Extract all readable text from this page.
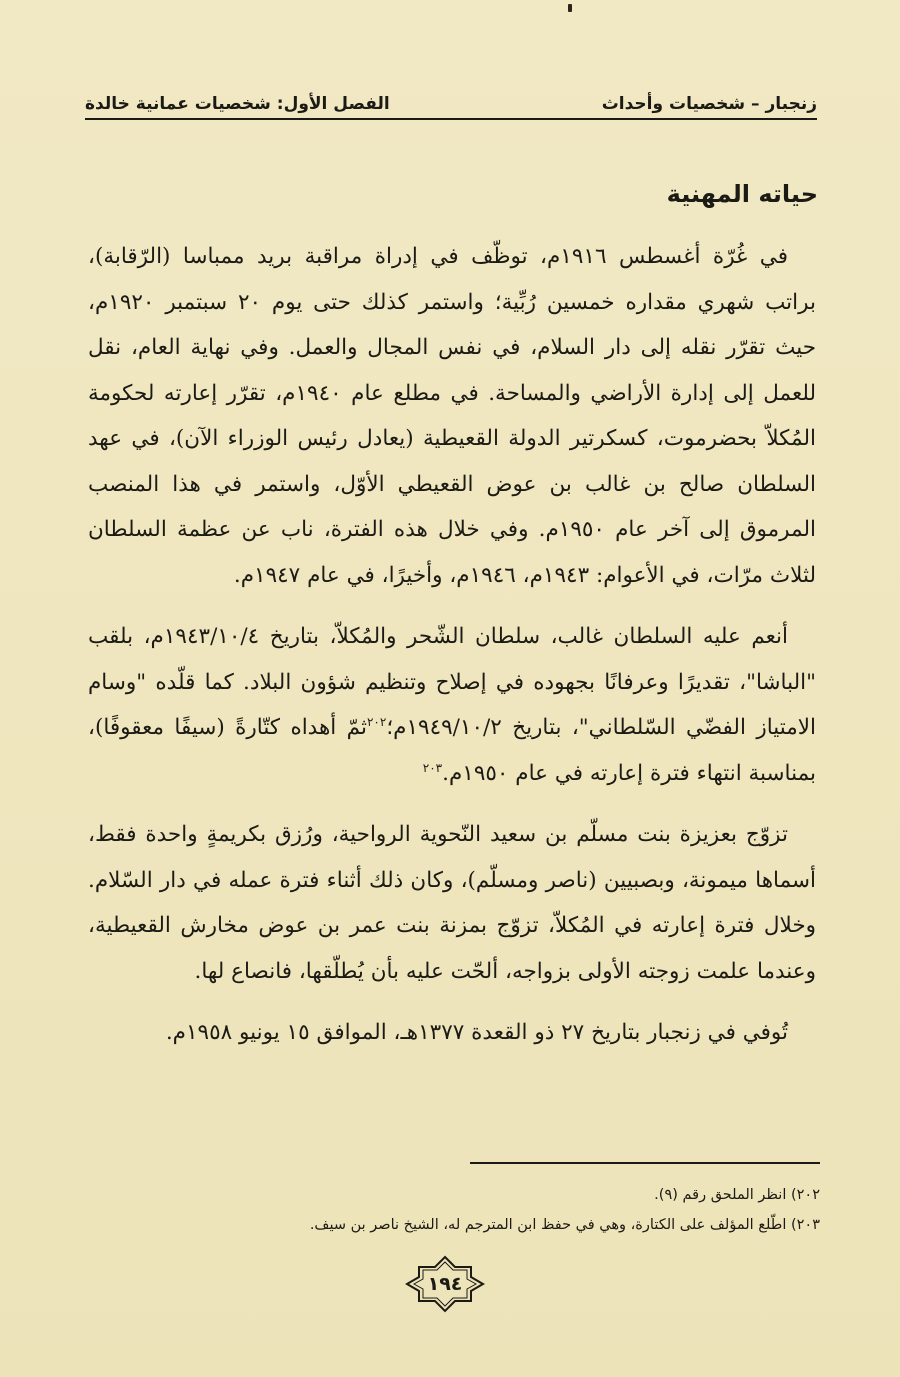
زنجبار – شخصيات وأحداث
الفصل الأول: شخصيات عمانية خالدة
حياته المهنية

في غُرّة أغسطس ١٩١٦م، توظّف في إدراة مراقبة بريد ممباسا (الرّقابة)، براتب شهري مقداره خمسين رُبِّية؛ واستمر كذلك حتى يوم ٢٠ سبتمبر ١٩٢٠م، حيث تقرّر نقله إلى دار السلام، في نفس المجال والعمل. وفي نهاية العام، نقل للعمل إلى إدارة الأراضي والمساحة. في مطلع عام ١٩٤٠م، تقرّر إعارته لحكومة المُكلاّ بحضرموت، كسكرتير الدولة القعيطية (يعادل رئيس الوزراء الآن)، في عهد السلطان صالح بن غالب بن عوض القعيطي الأوّل، واستمر في هذا المنصب المرموق إلى آخر عام ١٩٥٠م. وفي خلال هذه الفترة، ناب عن عظمة السلطان لثلاث مرّات، في الأعوام: ١٩٤٣م، ١٩٤٦م، وأخيرًا، في عام ١٩٤٧م.

أنعم عليه السلطان غالب، سلطان الشّحر والمُكلاّ، بتاريخ ١٩٤٣/١٠/٤م، بلقب "الباشا"، تقديرًا وعرفانًا بجهوده في إصلاح وتنظيم شؤون البلاد. كما قلّده "وسام الامتياز الفضّي السّلطاني"، بتاريخ ١٩٤٩/١٠/٢م؛$^{٢٠٢}$ثمّ أهداه كتّارةً (سيفًا معقوفًا)، بمناسبة انتهاء فترة إعارته في عام ١٩٥٠م.$^{٢٠٣}$

تزوّج بعزيزة بنت مسلّم بن سعيد النّحوية الرواحية، ورُزق بكريمةٍ واحدة فقط، أسماها ميمونة، وبصبيين (ناصر ومسلّم)، وكان ذلك أثناء فترة عمله في دار السّلام. وخلال فترة إعارته في المُكلاّ، تزوّج بمزنة بنت عمر بن عوض مخارش القعيطية، وعندما علمت زوجته الأولى بزواجه، ألحّت عليه بأن يُطلّقها، فانصاع لها.

تُوفي في زنجبار بتاريخ ٢٧ ذو القعدة ١٣٧٧هـ، الموافق ١٥ يونيو ١٩٥٨م.

٢٠٢) انظر الملحق رقم (٩).

٢٠٣) اطّلع المؤلف على الكتارة، وهي في حفظ ابن المترجم له، الشيخ ناصر بن سيف.

١٩٤
